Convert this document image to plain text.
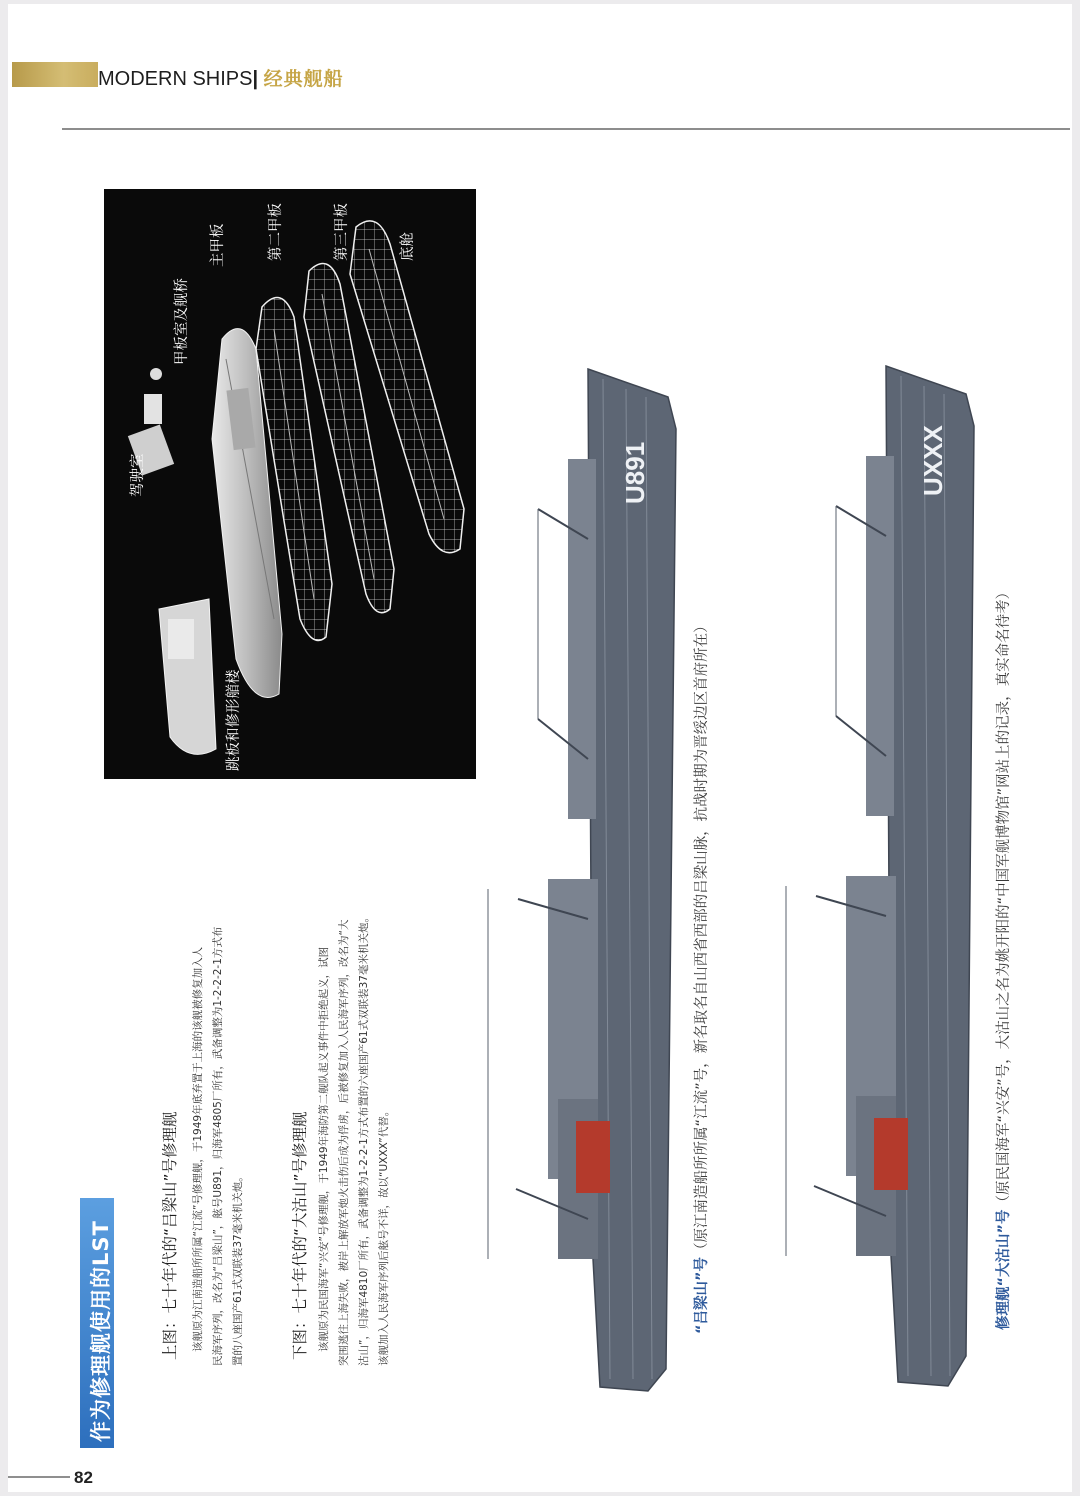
MODERN SHIPS| 经典舰船
作为修理舰使用的LST	上图：七十年代的“吕梁山”号修理舰 该舰原为江南造船所所属“江流”号修理舰，于1949年底弃置于上海的该舰被修复加入人 民海军序列，改名为“吕梁山”，舷号U891，归海军4805厂所有，武备调整为1-2-2-2-1方式布 置的八座国产61式双联装37毫米机关炮。	下图：七十年代的“大沽山”号修理舰 该舰原为民国海军“兴安”号修理舰，于1949年海防第二舰队起义事件中拒绝起义，试图 突围逃往上海失败，被岸上解放军炮火击伤后成为俘虏，后被修复加入人民海军序列，改名为“大 沽山”，归海军4810厂所有，武备调整为1-2-2-1方式布置的六座国产61式双联装37毫米机关炮。 该舰加入人民海军序列后舷号不详，故以“UXXX”代替。
驾驶室
甲板室及舰桥
主甲板	第二甲板	第三甲板	底舱
跳板和修形艏楼
U891	UXXX
“吕梁山”号（原江南造船所所属“江流”号，新名取名自山西省西部的吕梁山脉，抗战时期为晋绥边区首府所在）
修理舰“大沽山”号（原民国海军“兴安”号，大沽山之名为姚开阳的“中国军舰博物馆”网站上的记录，真实命名待考）
82
